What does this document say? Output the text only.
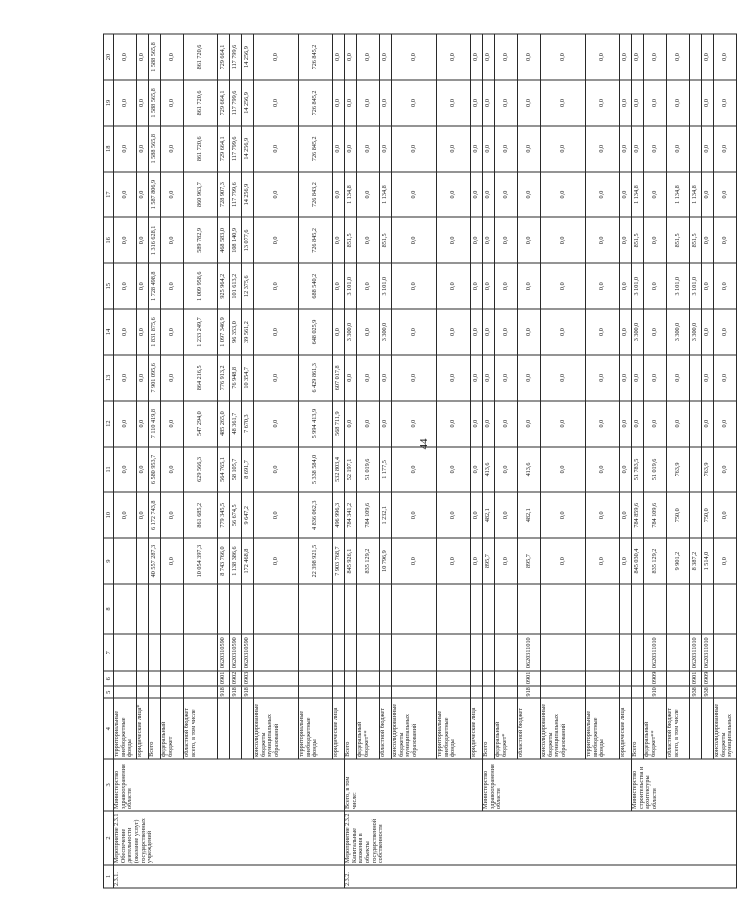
44
1	2	3	4	5	6	7	8	9	10	11	12	13	14	15	16	17	18	19	20
2.3.1.	Мероприятие 2.3.1 Обеспечение деятельности (оказание услуг) государственных учреждений	Министерство здравоохранения области	территориальные внебюджетные фонды						0,0	0,0	0,0	0,0	0,0	0,0	0,0	0,0	0,0	0,0	0,0
			юридические лица*						0,0	0,0	0,0	0,0	0,0	0,0	0,0	0,0	0,0	0,0	0,0
			Всего					40 557 287,3	6 172 743,8	6 580 953,7	7 110 419,8	7 901 095,6	1 831 875,6	1 728 498,8	1 316 628,1	1 587 806,9	1 588 565,8	1 588 565,8	1 588 565,8
			федеральный бюджет					0,0	0,0	0,0	0,0	0,0	0,0	0,0	0,0	0,0	0,0	0,0	0,0
			областной бюджет всего, в том числе					10 054 397,3	861 685,2	629 566,3	547 294,0	864 216,5	1 233 249,7	1 009 958,6	589 782,9	860 963,7	861 720,6	861 720,6	861 720,6
				918	0901	0620310590		8 743 766,0	779 345,5	564 765,1	485 265,0	776 913,2	1 097 346,9	925 964,2	468 583,0	728 907,3	729 664,1	729 664,1	729 664,1
				918	0902	0620310590		1 138 386,6	56 674,5	58 105,7	48 361,7	76 948,8	96 353,0	101 613,2	108 140,9	117 799,6	117 799,6	117 799,6	117 799,6
				918	0903	0620310590		172 468,8	9 647,2	8 691,7	7 670,3	10 354,7	39 561,2	12 375,6	13 077,6	14 256,9	14 256,9	14 256,9	14 256,9
			консолидированные бюджеты муниципальных образований					0,0	0,0	0,0	0,0	0,0	0,0	0,0	0,0	0,0	0,0	0,0	0,0
			территориальные внебюджетные фонды					22 398 921,5	4 836 062,3	5 338 584,0	5 994 413,9	6 429 861,3	648 025,9	688 540,2	726 845,2	726 843,2	726 845,2	726 845,2	726 845,2
			юридические лица					7 903 768,7	496 996,3	532 803,4	568 711,9	607 017,8	0,0	0,0	0,0	0,0	0,0	0,0	0,0
2.3.2.	Мероприятие 2.3.2 Капитальные вложения в объекты государственной собственности	Всего, в том числе:	Всего					845 926,1	784 341,2	52 197,1	0,0	0,0	3 300,0	3 101,0	851,5	1 134,8	0,0	0,0	0,0
			федеральный бюджет**					835 129,2	784 109,6	51 019,6	0,0	0,0	0,0	0,0	0,0	0,0	0,0	0,0	0,0
			областной бюджет					10 796,9	1 232,1	1 177,5	0,0	0,0	3 300,0	3 101,0	851,5	1 134,8	0,0	0,0	0,0
			консолидированные бюджеты муниципальных образований					0,0	0,0	0,0	0,0	0,0	0,0	0,0	0,0	0,0	0,0	0,0	0,0
			территориальные внебюджетные фонды					0,0	0,0	0,0	0,0	0,0	0,0	0,0	0,0	0,0	0,0	0,0	0,0
			юридические лица					0,0	0,0	0,0	0,0	0,0	0,0	0,0	0,0	0,0	0,0	0,0	0,0
		Министерство здравоохранения области	Всего					895,7	482,1	413,6	0,0	0,0	0,0	0,0	0,0	0,0	0,0	0,0	0,0
			федеральный бюджет*					0,0	0,0	0,0	0,0	0,0	0,0	0,0	0,0	0,0	0,0	0,0	0,0
			областной бюджет	918	0901	0620311010		895,7	482,1	413,6	0,0	0,0	0,0	0,0	0,0	0,0	0,0	0,0	0,0
			консолидированные бюджеты муниципальных образований					0,0	0,0	0,0	0,0	0,0	0,0	0,0	0,0	0,0	0,0	0,0	0,0
			территориальные внебюджетные фонды					0,0	0,0	0,0	0,0	0,0	0,0	0,0	0,0	0,0	0,0	0,0	0,0
			юридические лица					0,0	0,0	0,0	0,0	0,0	0,0	0,0	0,0	0,0	0,0	0,0	0,0
		Министерство строительства и архитектуры области	Всего					845 030,4	784 859,6	51 783,5	0,0	0,0	3 300,0	3 101,0	851,5	1 134,8	0,0	0,0	0,0
			федеральный бюджет**	910	0909	0620311010		835 129,2	784 109,6	51 019,6	0,0	0,0	0,0	0,0	0,0	0,0	0,0	0,0	0,0
			областной бюджет всего, в том числе					9 901,2	750,0	763,9	0,0	0,0	3 300,0	3 101,0	851,5	1 134,8	0,0	0,0	0,0
				938	0901	0620311010		8 387,2					3 300,0	3 101,0	851,5	1 134,8			
				938	0909	0620311010		1 514,0	750,0	763,9	0,0	0,0	0,0	0,0	0,0	0,0	0,0	0,0	0,0
			консолидированные бюджеты муниципальных					0,0	0,0	0,0	0,0	0,0	0,0	0,0	0,0	0,0	0,0	0,0	0,0
